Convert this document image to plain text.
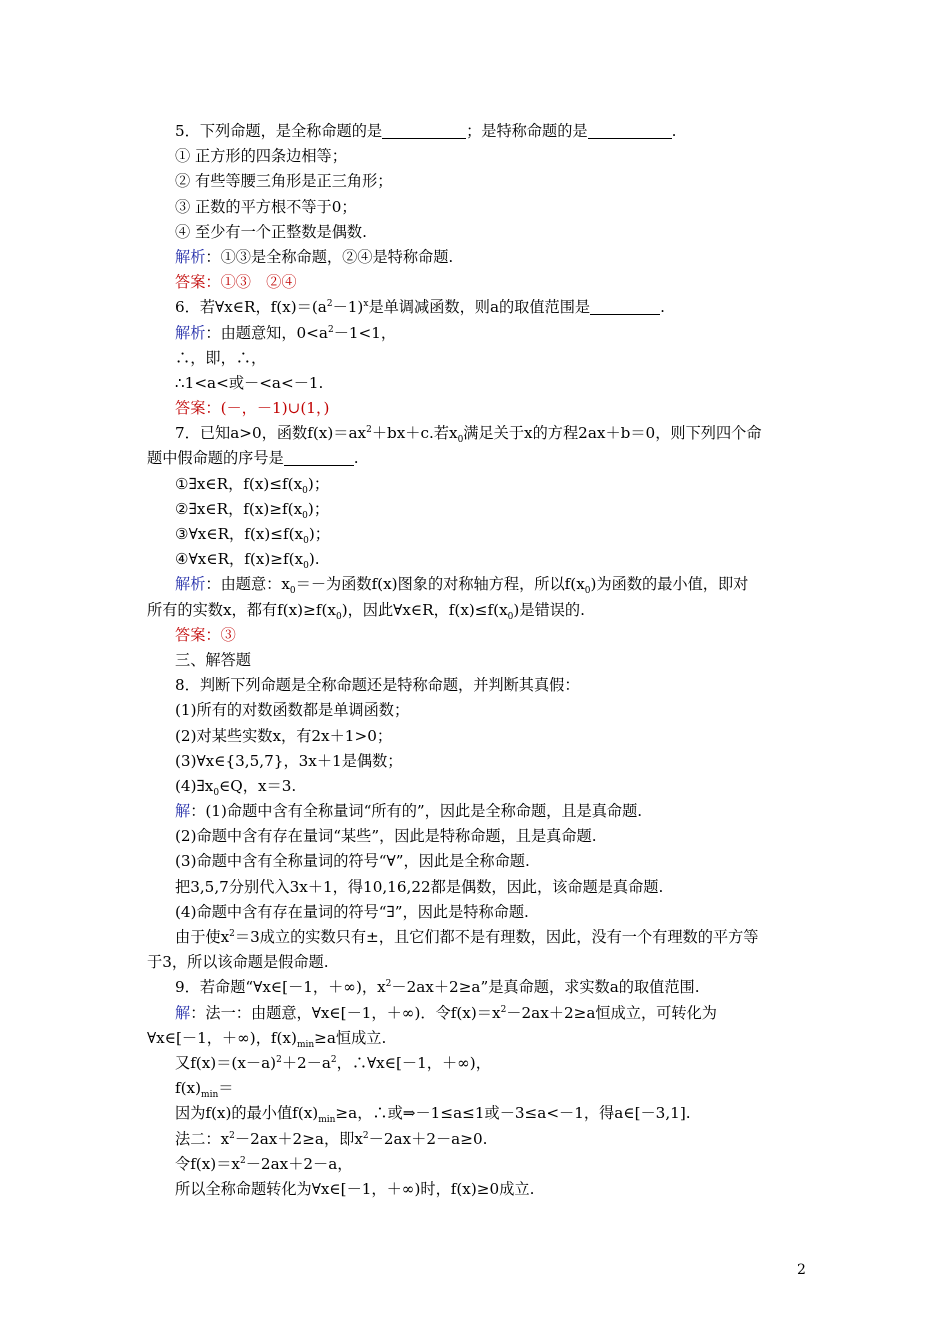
5．下列命题，是全称命题的是	；是特称命题的是	.
① 正方形的四条边相等；
② 有些等腰三角形是正三角形；
③ 正数的平方根不等于0；
④ 至少有一个正整数是偶数.
解析：①③是全称命题，②④是特称命题.
答案：①③　②④
6．若∀x∈R，$f(x)=(a^2-1)^x$是单调减函数，则a的取值范围是	.
解析：由题意知，$0<a^2-1<1$，
∴，即，∴，
∴1<a<或－<a<－1.
答案：(－，－1)∪(1，)
7．已知a>0，函数$f(x)=ax^2+bx+c$.若$x_0$满足关于x的方程2ax＋b＝0，则下列四个命
题中假命题的序号是	.
①∃x∈R，$f(x)\le f(x_0)$；
②∃x∈R，$f(x)\ge f(x_0)$；
③∀x∈R，$f(x)\le f(x_0)$；
④∀x∈R，$f(x)\ge f(x_0)$.
解析：由题意：$x_0=-$为函数f(x)图象的对称轴方程，所以$f(x_0)$为函数的最小值，即对
所有的实数x，都有$f(x)\ge f(x_0)$，因此∀x∈R，$f(x)\le f(x_0)$是错误的.
答案：③
三、解答题
8．判断下列命题是全称命题还是特称命题，并判断其真假：
(1)所有的对数函数都是单调函数；
(2)对某些实数x，有2x＋1>0；
(3)∀x∈{3,5,7}，3x＋1是偶数；
$(4)\exists x_0\in Q$，x＝3.
解：(1)命题中含有全称量词“所有的”，因此是全称命题，且是真命题.
(2)命题中含有存在量词“某些”，因此是特称命题，且是真命题.
(3)命题中含有全称量词的符号“∀”，因此是全称命题.
把3,5,7分别代入3x＋1，得10,16,22都是偶数，因此，该命题是真命题.
(4)命题中含有存在量词的符号“∃”，因此是特称命题.
由于使$x^2=3$成立的实数只有±，且它们都不是有理数，因此，没有一个有理数的平方等
于3，所以该命题是假命题.
9．若命题“∀x∈[－1，＋∞)，$x^2-2ax+2\ge a$”是真命题，求实数a的取值范围.
解：法一：由题意，∀x∈[－1，＋∞)．令$f(x)=x^2-2ax+2\ge a$恒成立，可转化为
∀x∈[－1，＋∞)，$f(x)_{min}\ge a$恒成立.
又$f(x)=(x-a)^2+2-a^2$，∴∀x∈[－1，＋∞)，
$f(x)_{min}=$
因为f(x)的最小值$f(x)_{min}\ge a$，∴或⇒－1≤a≤1或－3≤a<－1，得a∈[－3,1].
法二：$x^2-2ax+2\ge a$，即$x^2-2ax+2-a\ge 0$.
令$f(x)=x^2-2ax+2-a$，
所以全称命题转化为∀x∈[－1，＋∞)时，f(x)≥0成立.
2
